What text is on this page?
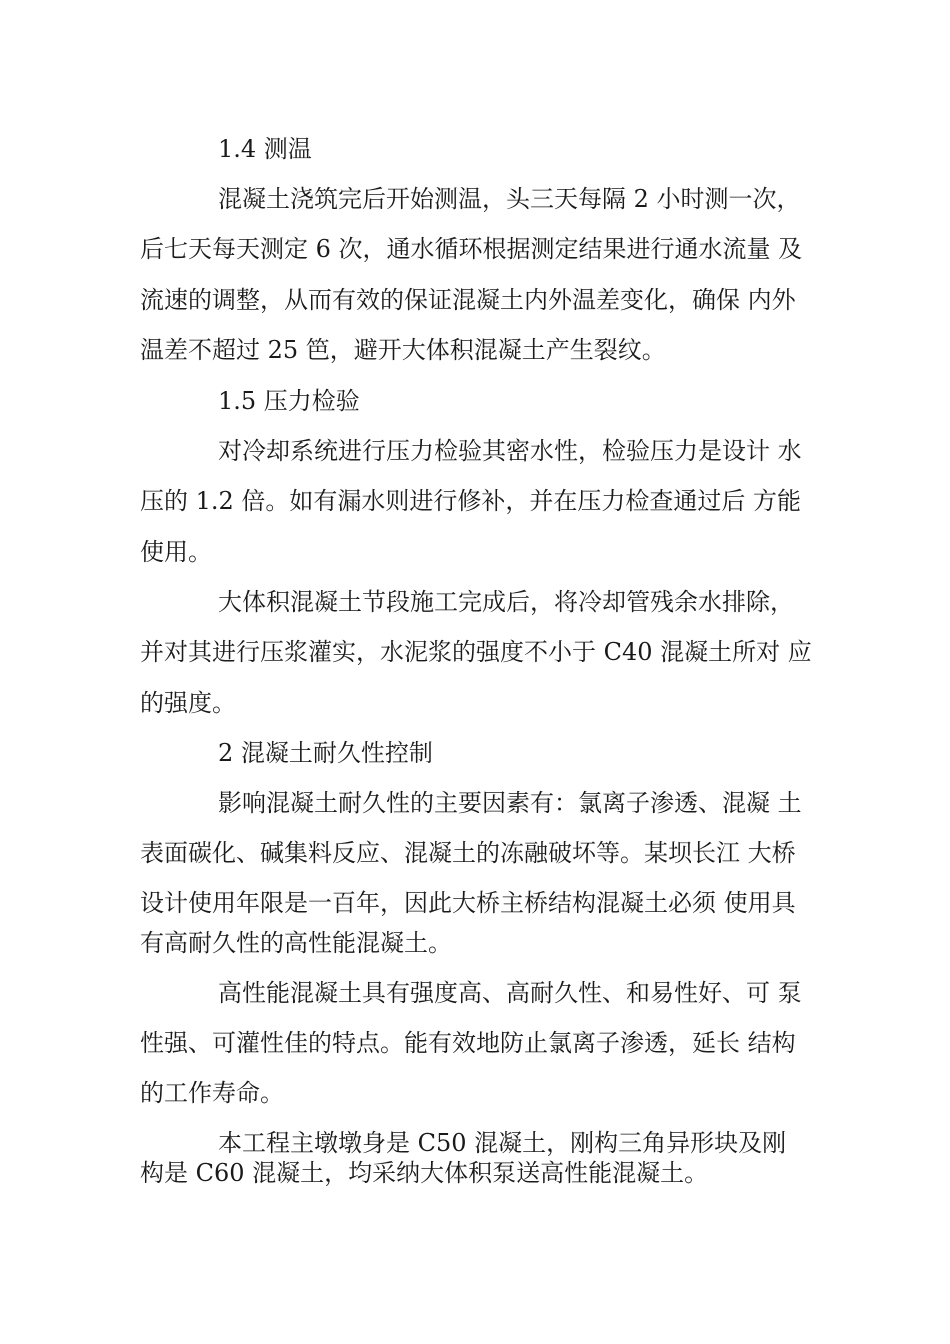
1.4 测温
混凝土浇筑完后开始测温，头三天每隔 2 小时测一次，
后七天每天测定 6 次，通水循环根据测定结果进行通水流量 及
流速的调整，从而有效的保证混凝土内外温差变化，确保 内外
温差不超过 25 笆，避开大体积混凝土产生裂纹。
1.5 压力检验
对冷却系统进行压力检验其密水性，检验压力是设计 水
压的 1.2 倍。如有漏水则进行修补，并在压力检查通过后 方能
使用。
大体积混凝土节段施工完成后，将冷却管残余水排除，
并对其进行压浆灌实，水泥浆的强度不小于 C40 混凝土所对 应
的强度。
2 混凝土耐久性控制
影响混凝土耐久性的主要因素有：氯离子渗透、混凝 土
表面碳化、碱集料反应、混凝土的冻融破坏等。某坝长江 大桥
设计使用年限是一百年，因此大桥主桥结构混凝土必须 使用具
有高耐久性的高性能混凝土。
高性能混凝土具有强度高、高耐久性、和易性好、可 泵
性强、可灌性佳的特点。能有效地防止氯离子渗透，延长 结构
的工作寿命。
本工程主墩墩身是 C50 混凝土，刚构三角异形块及刚
构是 C60 混凝土，均采纳大体积泵送高性能混凝土。
